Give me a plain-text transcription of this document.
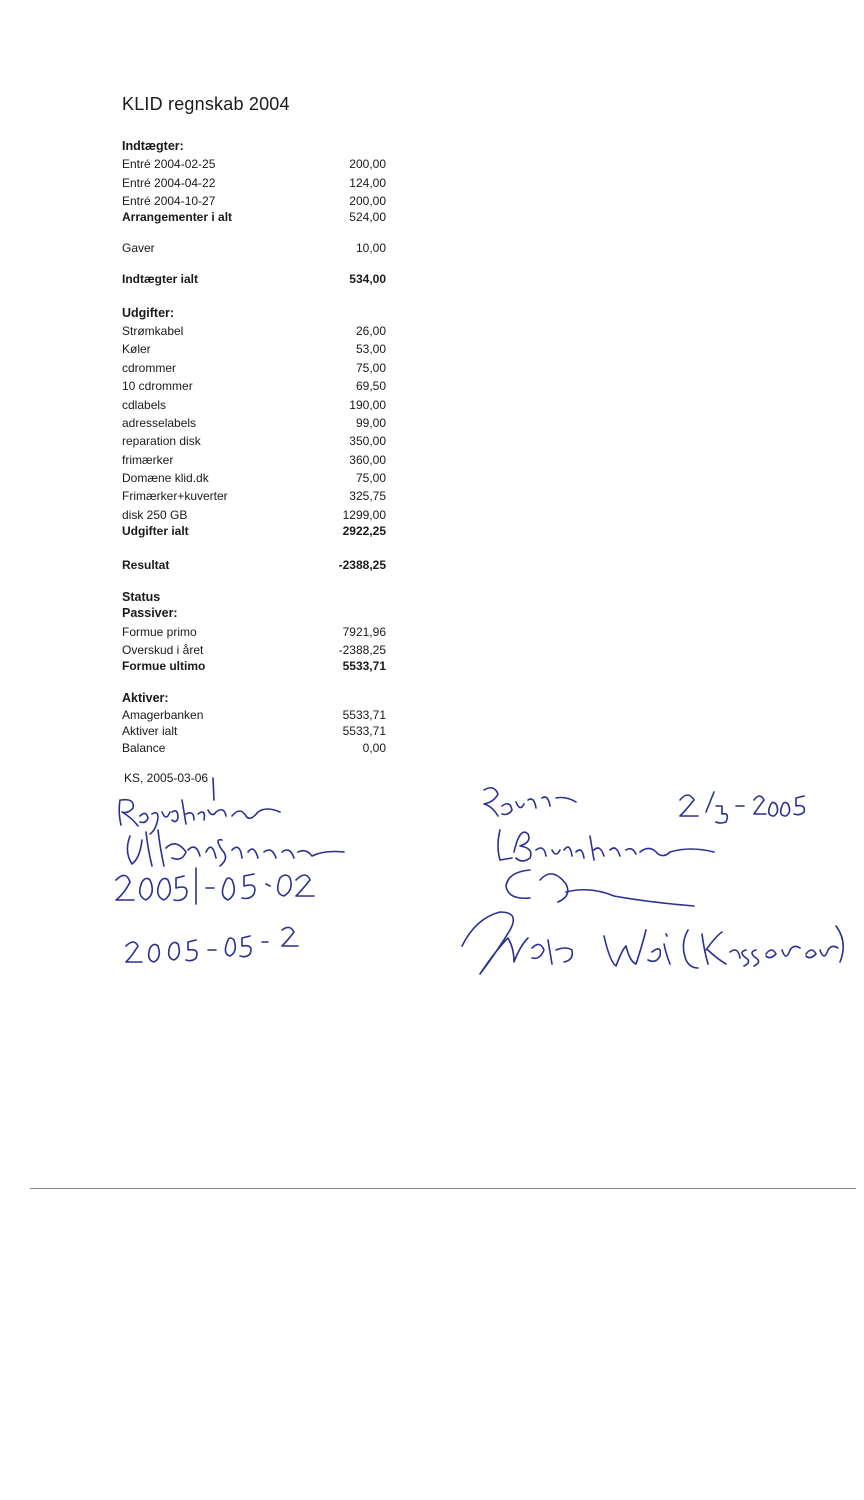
KLID regnskab 2004
Indtægter:
Entré 2004-02-25	200,00
Entré 2004-04-22	124,00
Entré 2004-10-27	200,00
Arrangementer i alt	524,00
Gaver	10,00
Indtægter ialt	534,00
Udgifter:
Strømkabel	26,00
Køler	53,00
cdrommer	75,00
10 cdrommer	69,50
cdlabels	190,00
adresselabels	99,00
reparation disk	350,00
frimærker	360,00
Domæne klid.dk	75,00
Frimærker+kuverter	325,75
disk 250 GB	1299,00
Udgifter ialt	2922,25
Resultat	-2388,25
Status
Passiver:
Formue primo	7921,96
Overskud i året	-2388,25
Formue ultimo	5533,71
Aktiver:
Amagerbanken	5533,71
Aktiver ialt	5533,71
Balance	0,00
KS, 2005-03-06
